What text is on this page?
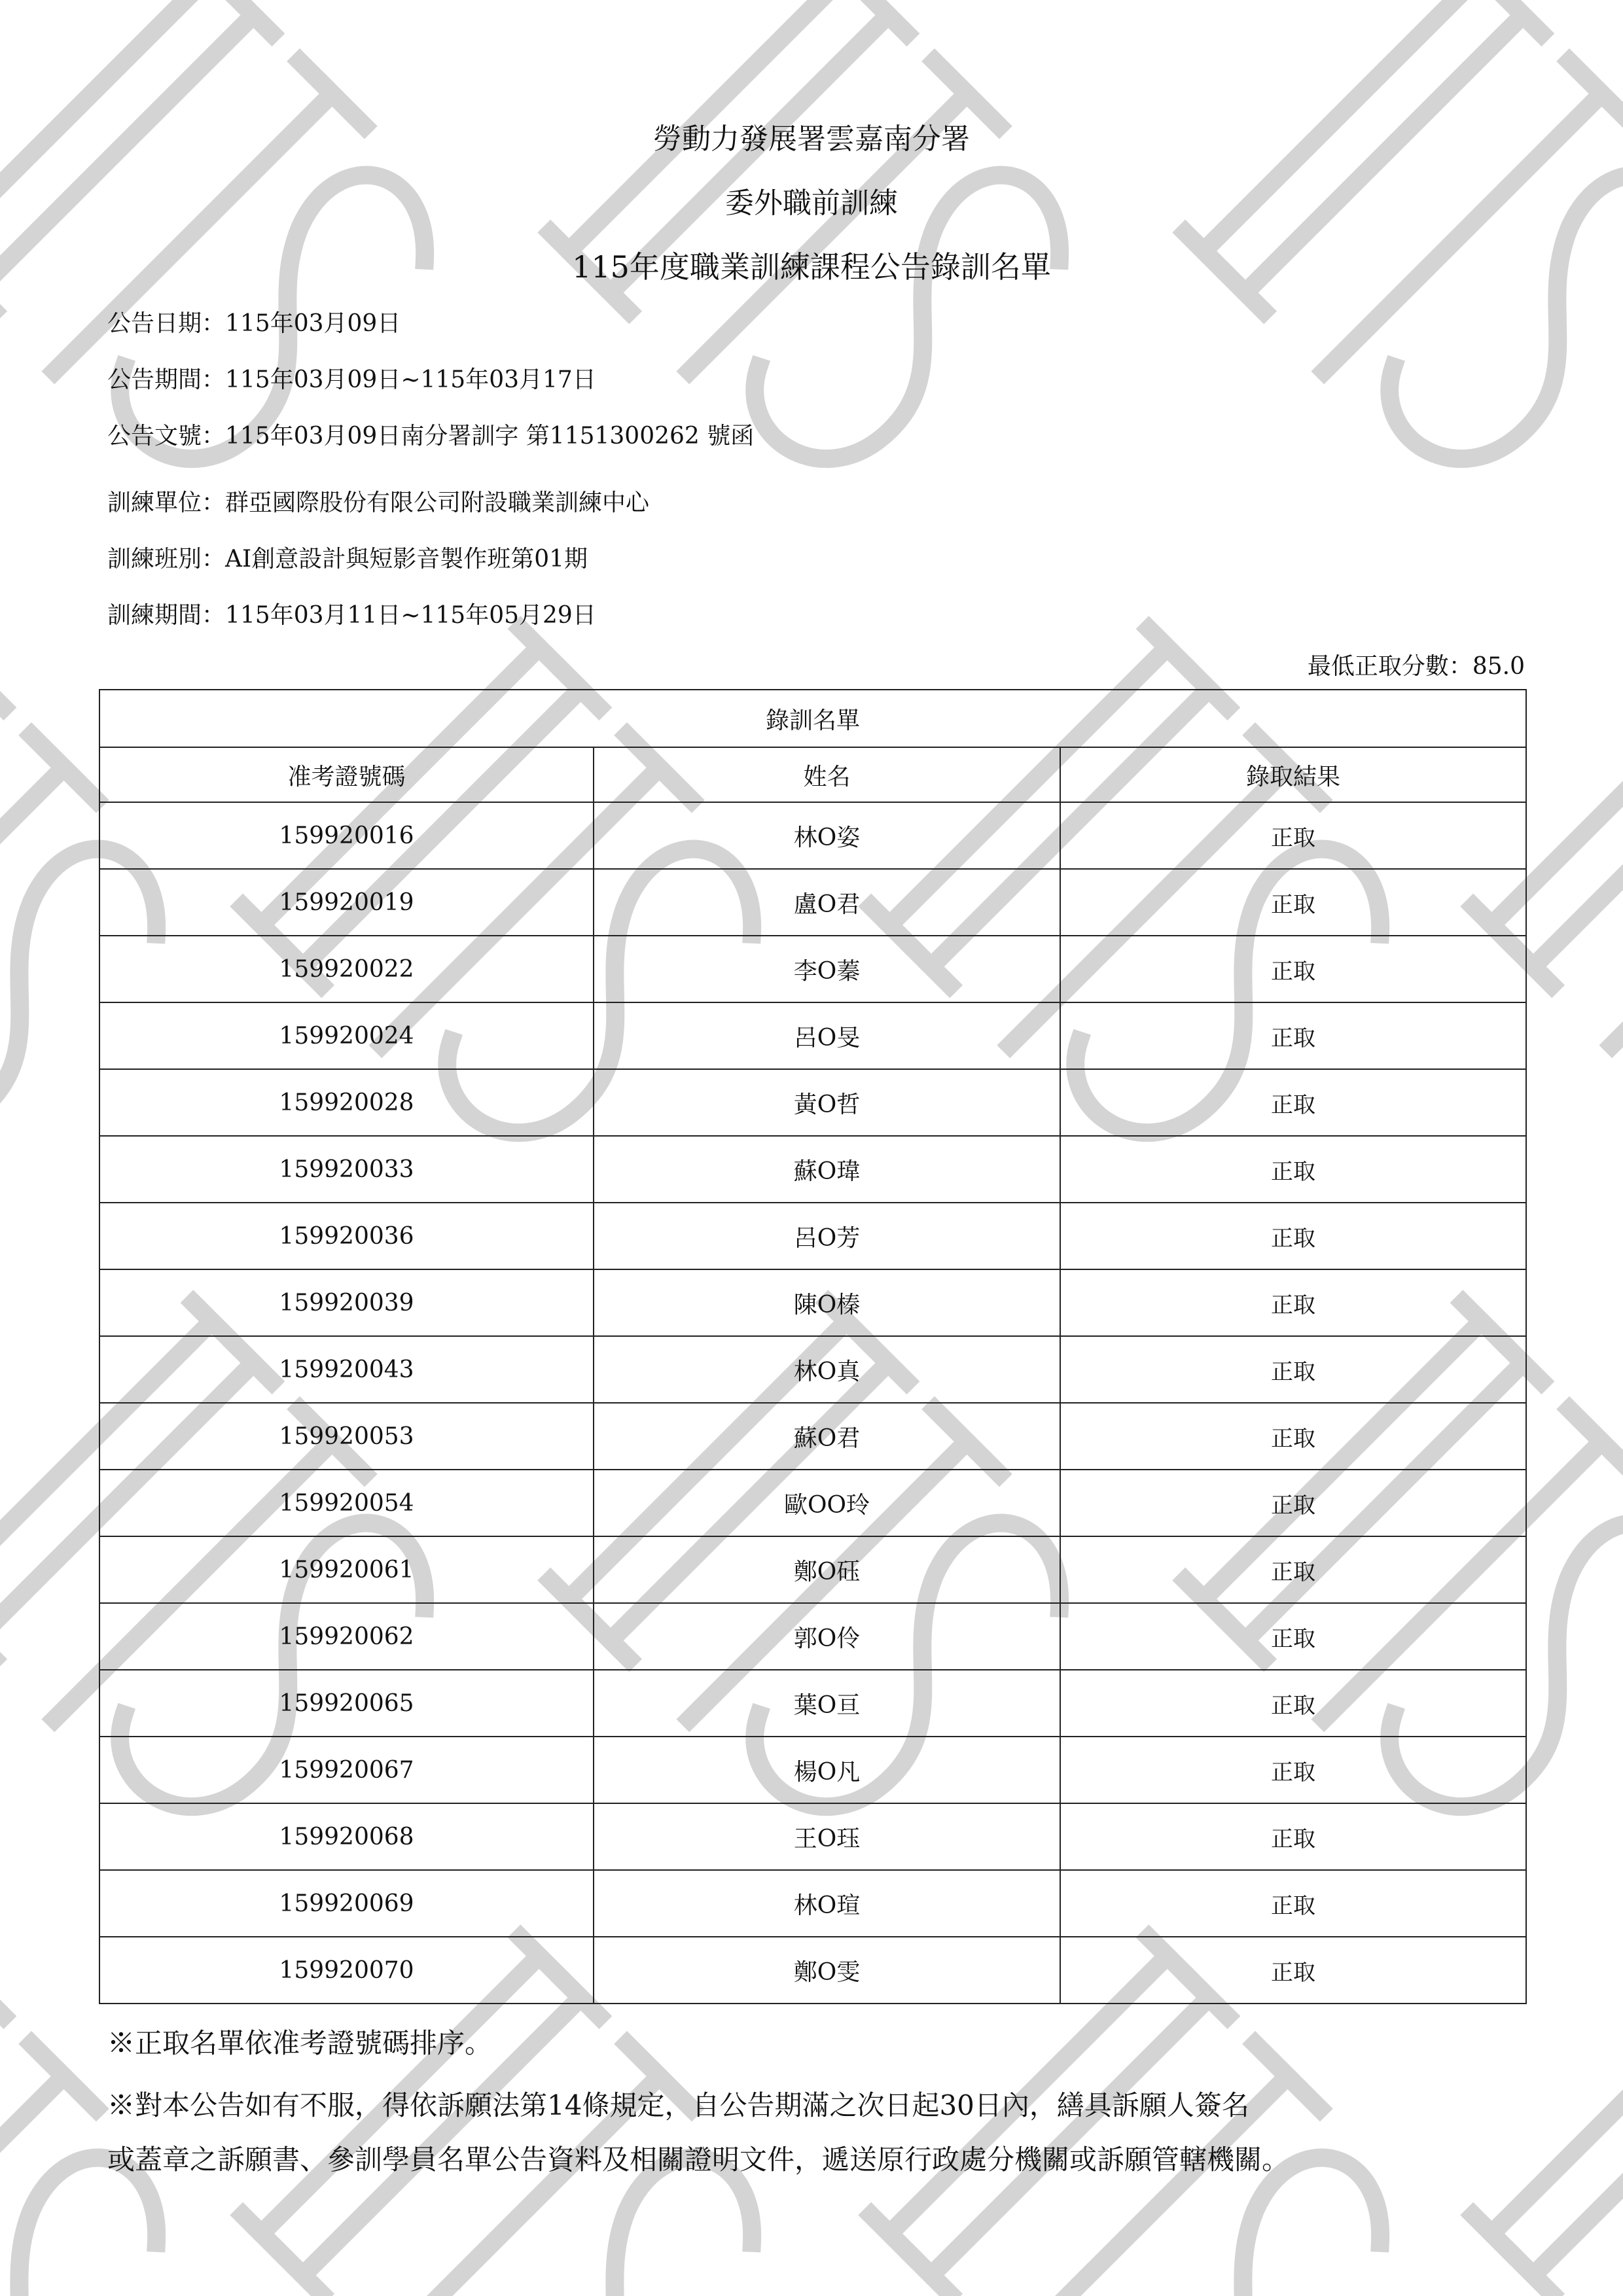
勞動力發展署雲嘉南分署
委外職前訓練
115年度職業訓練課程公告錄訓名單
公告日期：115年03月09日
公告期間：115年03月09日~115年03月17日
公告文號：115年03月09日南分署訓字 第1151300262 號函
訓練單位：群亞國際股份有限公司附設職業訓練中心
訓練班別：AI創意設計與短影音製作班第01期
訓練期間：115年03月11日~115年05月29日
最低正取分數：85.0
錄訓名單		
准考證號碼	姓名	錄取結果
159920016	林O姿	正取
159920019	盧O君	正取
159920022	李O蓁	正取
159920024	呂O旻	正取
159920028	黃O哲	正取
159920033	蘇O瑋	正取
159920036	呂O芳	正取
159920039	陳O榛	正取
159920043	林O真	正取
159920053	蘇O君	正取
159920054	歐OO玲	正取
159920061	鄭O砡	正取
159920062	郭O伶	正取
159920065	葉O亘	正取
159920067	楊O凡	正取
159920068	王O珏	正取
159920069	林O瑄	正取
159920070	鄭O雯	正取
※正取名單依准考證號碼排序。
※對本公告如有不服，得依訴願法第14條規定，自公告期滿之次日起30日內，繕具訴願人簽名
或蓋章之訴願書、參訓學員名單公告資料及相關證明文件，遞送原行政處分機關或訴願管轄機關。
